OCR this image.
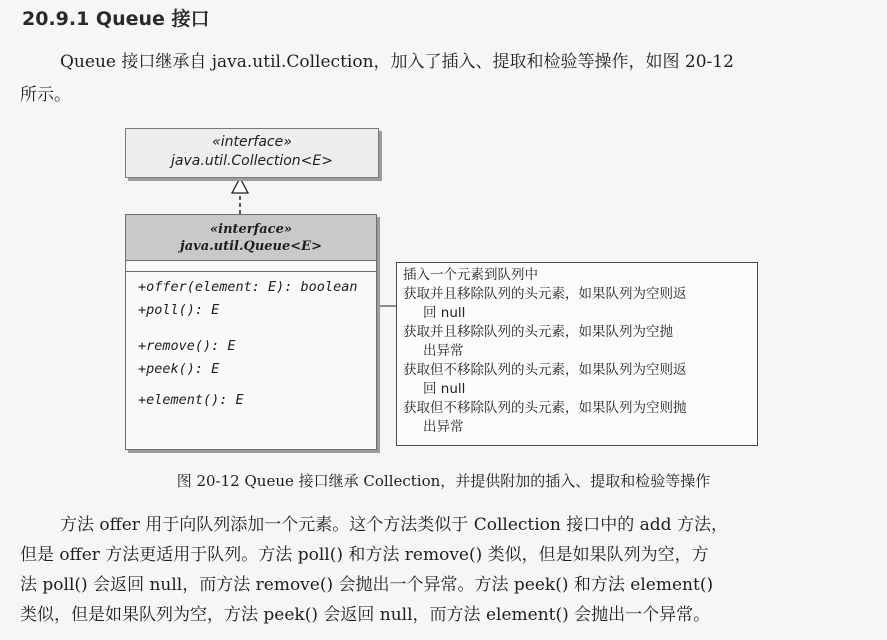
20.9.1 Queue 接口
Queue 接口继承自 java.util.Collection，加入了插入、提取和检验等操作，如图 20-12
所示。
«interface»
java.util.Collection<E>
«interface»
java.util.Queue<E>
+offer(element: E): boolean
+poll(): E
+remove(): E
+peek(): E
+element(): E
插入一个元素到队列中
获取并且移除队列的头元素，如果队列为空则返
回 null
获取并且移除队列的头元素，如果队列为空抛
出异常
获取但不移除队列的头元素，如果队列为空则返
回 null
获取但不移除队列的头元素，如果队列为空则抛
出异常
图 20-12 Queue 接口继承 Collection，并提供附加的插入、提取和检验等操作
方法 offer 用于向队列添加一个元素。这个方法类似于 Collection 接口中的 add 方法，
但是 offer 方法更适用于队列。方法 poll() 和方法 remove() 类似，但是如果队列为空，方
法 poll() 会返回 null，而方法 remove() 会抛出一个异常。方法 peek() 和方法 element()
类似，但是如果队列为空，方法 peek() 会返回 null，而方法 element() 会抛出一个异常。
